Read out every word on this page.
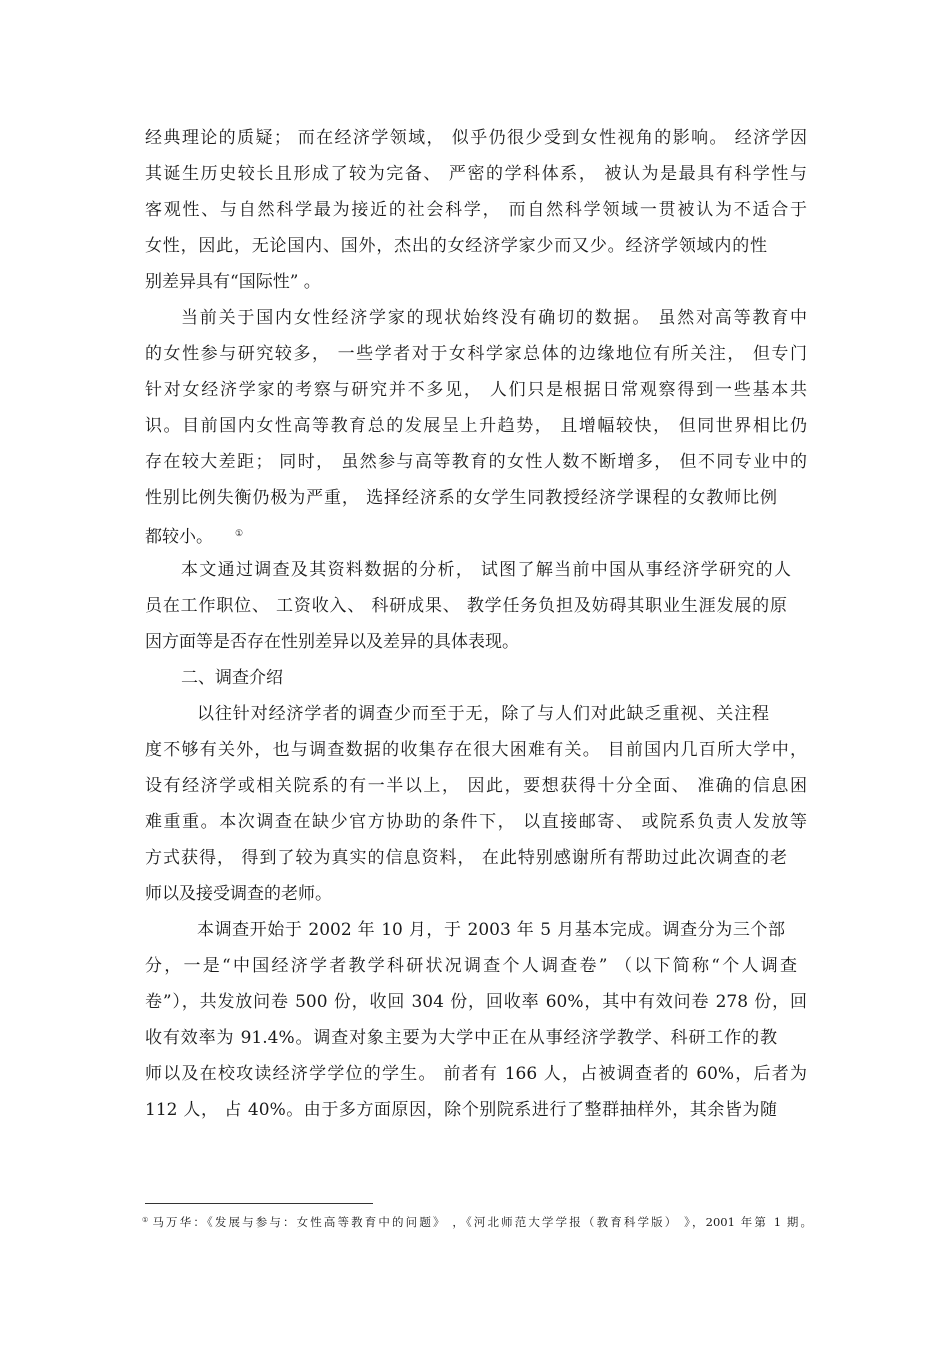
经典理论的质疑； 而在经济学领域， 似乎仍很少受到女性视角的影响。 经济学因
其诞生历史较长且形成了较为完备、 严密的学科体系， 被认为是最具有科学性与
客观性、与自然科学最为接近的社会科学， 而自然科学领域一贯被认为不适合于
女性，因此，无论国内、国外，杰出的女经济学家少而又少。经济学领域内的性
别差异具有“国际性” 。
当前关于国内女性经济学家的现状始终没有确切的数据。 虽然对高等教育中
的女性参与研究较多， 一些学者对于女科学家总体的边缘地位有所关注， 但专门
针对女经济学家的考察与研究并不多见， 人们只是根据日常观察得到一些基本共
识。目前国内女性高等教育总的发展呈上升趋势， 且增幅较快， 但同世界相比仍
存在较大差距； 同时， 虽然参与高等教育的女性人数不断增多， 但不同专业中的
性别比例失衡仍极为严重， 选择经济系的女学生同教授经济学课程的女教师比例
都较小。 ①
本文通过调查及其资料数据的分析， 试图了解当前中国从事经济学研究的人
员在工作职位、 工资收入、 科研成果、 教学任务负担及妨碍其职业生涯发展的原
因方面等是否存在性别差异以及差异的具体表现。
二、调查介绍
以往针对经济学者的调查少而至于无，除了与人们对此缺乏重视、关注程
度不够有关外，也与调查数据的收集存在很大困难有关。 目前国内几百所大学中，
设有经济学或相关院系的有一半以上， 因此，要想获得十分全面、 准确的信息困
难重重。本次调查在缺少官方协助的条件下， 以直接邮寄、 或院系负责人发放等
方式获得， 得到了较为真实的信息资料， 在此特别感谢所有帮助过此次调查的老
师以及接受调查的老师。
本调查开始于 2002 年 10 月，于 2003 年 5 月基本完成。调查分为三个部
分，一是“中国经济学者教学科研状况调查个人调查卷” （以下简称“个人调查
卷”），共发放问卷 500 份，收回 304 份，回收率 60%，其中有效问卷 278 份，回
收有效率为 91.4%。调查对象主要为大学中正在从事经济学教学、科研工作的教
师以及在校攻读经济学学位的学生。 前者有 166 人，占被调查者的 60%，后者为
112 人， 占 40%。由于多方面原因，除个别院系进行了整群抽样外，其余皆为随
① 马万华：《发展与参与：女性高等教育中的问题》 ，《河北师范大学学报（教育科学版） 》，2001 年第 1 期。
